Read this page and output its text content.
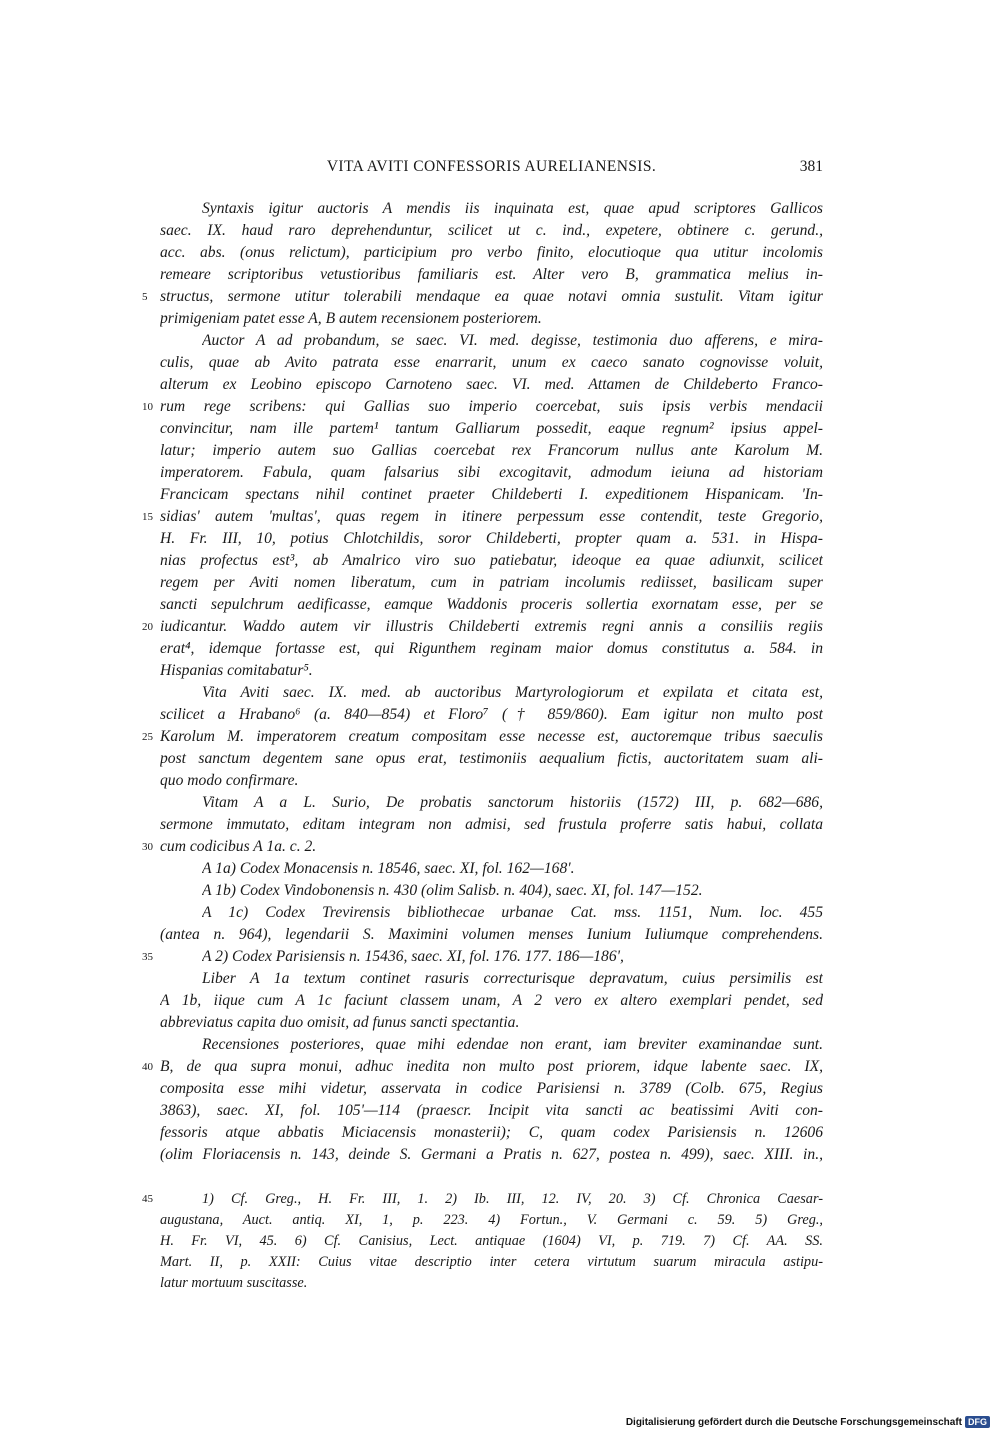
VITA AVITI CONFESSORIS AURELIANENSIS.	381
Syntaxis igitur auctoris A mendis iis inquinata est, quae apud scriptores Gallicos
saec. IX. haud raro deprehenduntur, scilicet ut c. ind., expetere, obtinere c. gerund.,
acc. abs. (onus relictum), participium pro verbo finito, elocutioque qua utitur incolomis
remeare scriptoribus vetustioribus familiaris est. Alter vero B, grammatica melius in-
structus, sermone utitur tolerabili mendaque ea quae notavi omnia sustulit. Vitam igitur
5
primigeniam patet esse A, B autem recensionem posteriorem.
Auctor A ad probandum, se saec. VI. med. degisse, testimonia duo afferens, e mira-
culis, quae ab Avito patrata esse enarrarit, unum ex caeco sanato cognovisse voluit,
alterum ex Leobino episcopo Carnoteno saec. VI. med. Attamen de Childeberto Franco-
rum rege scribens: qui Gallias suo imperio coercebat, suis ipsis verbis mendacii
10
convincitur, nam ille partem¹ tantum Galliarum possedit, eaque regnum² ipsius appel-
latur; imperio autem suo Gallias coercebat rex Francorum nullus ante Karolum M.
imperatorem. Fabula, quam falsarius sibi excogitavit, admodum ieiuna ad historiam
Francicam spectans nihil continet praeter Childeberti I. expeditionem Hispanicam. 'In-
sidias' autem 'multas', quas regem in itinere perpessum esse contendit, teste Gregorio,
15
H. Fr. III, 10, potius Chlotchildis, soror Childeberti, propter quam a. 531. in Hispa-
nias profectus est³, ab Amalrico viro suo patiebatur, ideoque ea quae adiunxit, scilicet
regem per Aviti nomen liberatum, cum in patriam incolumis rediisset, basilicam super
sancti sepulchrum aedificasse, eamque Waddonis proceris sollertia exornatam esse, per se
iudicantur. Waddo autem vir illustris Childeberti extremis regni annis a consiliis regiis
20
erat⁴, idemque fortasse est, qui Rigunthem reginam maior domus constitutus a. 584. in
Hispanias comitabatur⁵.
Vita Aviti saec. IX. med. ab auctoribus Martyrologiorum et expilata et citata est,
scilicet a Hrabano⁶ (a. 840—854) et Floro⁷ († 859/860). Eam igitur non multo post
Karolum M. imperatorem creatum compositam esse necesse est, auctoremque tribus saeculis
25
post sanctum degentem sane opus erat, testimoniis aequalium fictis, auctoritatem suam ali-
quo modo confirmare.
Vitam A a L. Surio, De probatis sanctorum historiis (1572) III, p. 682—686,
sermone immutato, editam integram non admisi, sed frustula proferre satis habui, collata
cum codicibus A 1a. c. 2.
30
A 1a) Codex Monacensis n. 18546, saec. XI, fol. 162—168'.
A 1b) Codex Vindobonensis n. 430 (olim Salisb. n. 404), saec. XI, fol. 147—152.
A 1c) Codex Trevirensis bibliothecae urbanae Cat. mss. 1151, Num. loc. 455
(antea n. 964), legendarii S. Maximini volumen menses Iunium Iuliumque comprehendens.
A 2) Codex Parisiensis n. 15436, saec. XI, fol. 176. 177. 186—186',
35
Liber A 1a textum continet rasuris correcturisque depravatum, cuius persimilis est
A 1b, iique cum A 1c faciunt classem unam, A 2 vero ex altero exemplari pendet, sed
abbreviatus capita duo omisit, ad funus sancti spectantia.
Recensiones posteriores, quae mihi edendae non erant, iam breviter examinandae sunt.
B, de qua supra monui, adhuc inedita non multo post priorem, idque labente saec. IX,
40
composita esse mihi videtur, asservata in codice Parisiensi n. 3789 (Colb. 675, Regius
3863), saec. XI, fol. 105'—114 (praescr. Incipit vita sancti ac beatissimi Aviti con-
fessoris atque abbatis Miciacensis monasterii); C, quam codex Parisiensis n. 12606
(olim Floriacensis n. 143, deinde S. Germani a Pratis n. 627, postea n. 499), saec. XIII. in.,
1) Cf. Greg., H. Fr. III, 1. 2) Ib. III, 12. IV, 20. 3) Cf. Chronica Caesar-
45
augustana, Auct. antiq. XI, 1, p. 223. 4) Fortun., V. Germani c. 59. 5) Greg.,
H. Fr. VI, 45. 6) Cf. Canisius, Lect. antiquae (1604) VI, p. 719. 7) Cf. AA. SS.
Mart. II, p. XXII: Cuius vitae descriptio inter cetera virtutum suarum miracula astipu-
latur mortuum suscitasse.
Digitalisierung gefördert durch die Deutsche Forschungsgemeinschaft DFG
